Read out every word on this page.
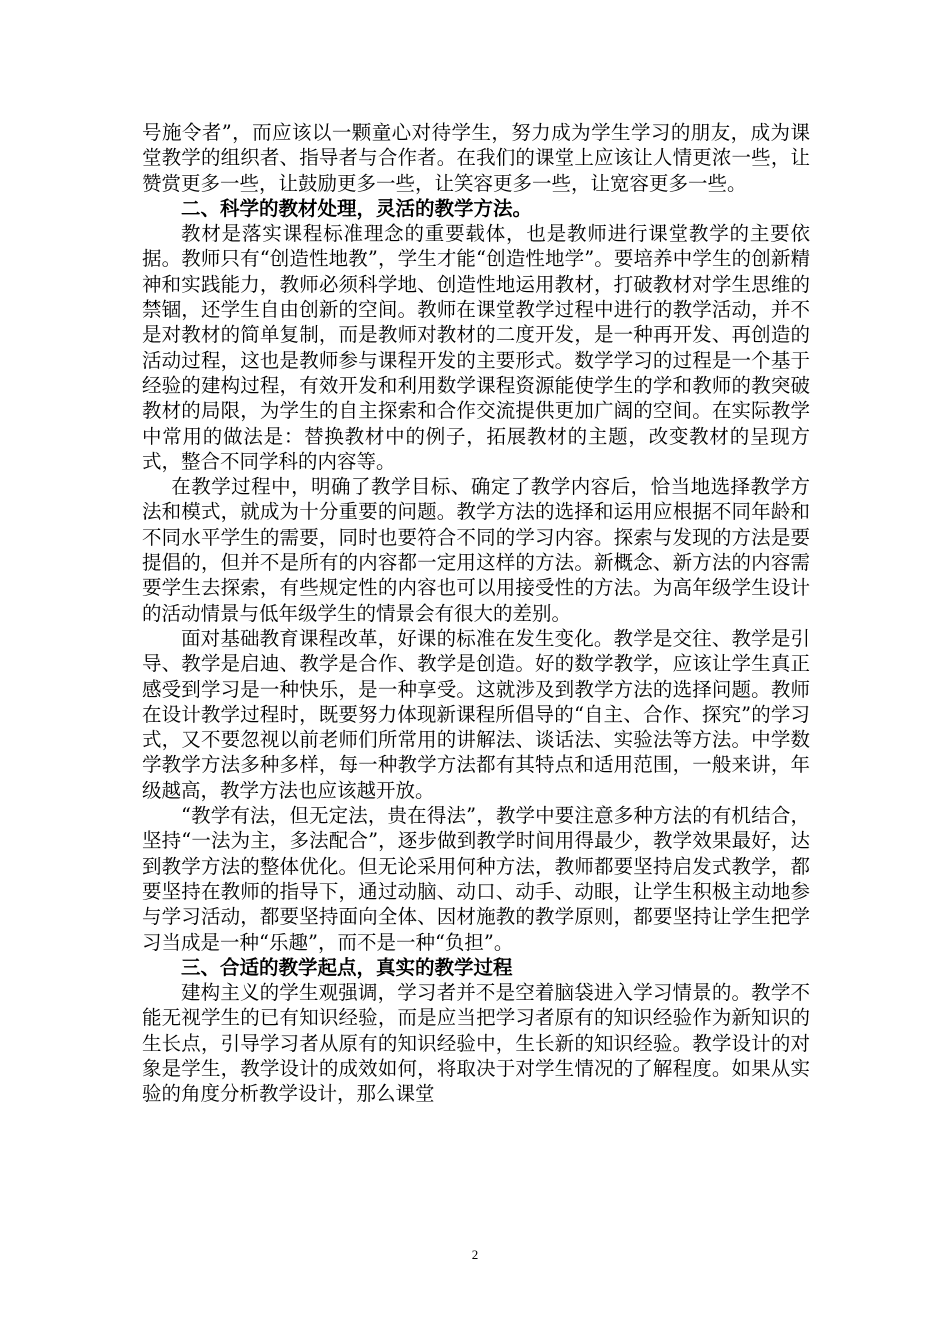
号施令者”，而应该以一颗童心对待学生，努力成为学生学习的朋友，成为课堂教学的组织者、指导者与合作者。在我们的课堂上应该让人情更浓一些，让赞赏更多一些，让鼓励更多一些，让笑容更多一些，让宽容更多一些。

二、科学的教材处理，灵活的教学方法。

教材是落实课程标准理念的重要载体，也是教师进行课堂教学的主要依据。教师只有“创造性地教”，学生才能“创造性地学”。要培养中学生的创新精神和实践能力，教师必须科学地、创造性地运用教材，打破教材对学生思维的禁锢，还学生自由创新的空间。教师在课堂教学过程中进行的教学活动，并不是对教材的简单复制，而是教师对教材的二度开发，是一种再开发、再创造的活动过程，这也是教师参与课程开发的主要形式。数学学习的过程是一个基于经验的建构过程，有效开发和利用数学课程资源能使学生的学和教师的教突破教材的局限，为学生的自主探索和合作交流提供更加广阔的空间。在实际教学中常用的做法是：替换教材中的例子，拓展教材的主题，改变教材的呈现方式，整合不同学科的内容等。

在教学过程中，明确了教学目标、确定了教学内容后，恰当地选择教学方法和模式，就成为十分重要的问题。教学方法的选择和运用应根据不同年龄和不同水平学生的需要，同时也要符合不同的学习内容。探索与发现的方法是要提倡的，但并不是所有的内容都一定用这样的方法。新概念、新方法的内容需要学生去探索，有些规定性的内容也可以用接受性的方法。为高年级学生设计的活动情景与低年级学生的情景会有很大的差别。

面对基础教育课程改革，好课的标准在发生变化。教学是交往、教学是引导、教学是启迪、教学是合作、教学是创造。好的数学教学，应该让学生真正感受到学习是一种快乐，是一种享受。这就涉及到教学方法的选择问题。教师在设计教学过程时，既要努力体现新课程所倡导的“自主、合作、探究”的学习式，又不要忽视以前老师们所常用的讲解法、谈话法、实验法等方法。中学数学教学方法多种多样，每一种教学方法都有其特点和适用范围，一般来讲，年级越高，教学方法也应该越开放。

“教学有法，但无定法，贵在得法”，教学中要注意多种方法的有机结合，坚持“一法为主，多法配合”，逐步做到教学时间用得最少，教学效果最好，达到教学方法的整体优化。但无论采用何种方法，教师都要坚持启发式教学，都要坚持在教师的指导下，通过动脑、动口、动手、动眼，让学生积极主动地参与学习活动，都要坚持面向全体、因材施教的教学原则，都要坚持让学生把学习当成是一种“乐趣”，而不是一种“负担”。

三、合适的教学起点，真实的教学过程

建构主义的学生观强调，学习者并不是空着脑袋进入学习情景的。教学不能无视学生的已有知识经验，而是应当把学习者原有的知识经验作为新知识的生长点，引导学习者从原有的知识经验中，生长新的知识经验。教学设计的对象是学生，教学设计的成效如何，将取决于对学生情况的了解程度。如果从实验的角度分析教学设计，那么课堂

2
